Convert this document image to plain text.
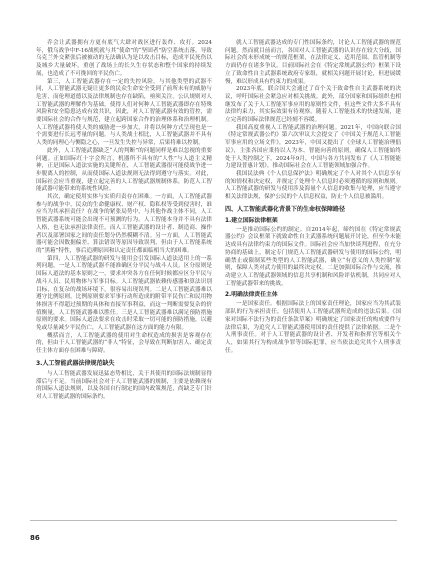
乔会让武器拥有方更有底气大肆对战区进行轰炸、攻打。2024年，俄乌战争中F-16战机就与其“使命”的“坚固者”防空系统击落，导致乌克兰外交紧张后被被动的无法确认为是以攻击目标，造成平民死伤以及城乡大量破坏，重创了战场上的长久生存状态和整个国家的持续发展，也造成了不可挽回的平民伤亡。

第三，人工智能武器存在一定的失控风险。与其他类型的武器不同，人工智能武器无疑让更多的民众生命安全受到了前所未有的威胁与危害，而伦理道德以及法律规制也存在缺陷，亟须关注。公认规则对人工智能武器的理解作为基础，使得人们对何种人工智能武器即存在特殊风险和安全隐患达成有效共识，因此，对人工智能武器有效的管控，需要国际社会的合作与规范，建立起跨国家合作的治理体系和治理机制。人工智能武器将使人类的威胁进一步加大，并将以何种方式呈现也是一个需要进行长远考量的问题。与人类战士相比，人工智能武器并不具有人类的同理心与恻隐之心，一旦发生失控与异常，后果将难以控制。

此外，人工智能武器缺乏“人的判断”的问题同样是难以忽视的重要问题。正如国际红十字会所言，机器所不具有的“人性”与人道主义精神，正是国际人道法实施的关键所在，人工智能武器很可能使战争进一步脱离人的控制，从而使国际人道法规则无法得到遵守与落实。对此，国际社会应当重视，建立起完善的人工智能武器规制体系，防范人工智能武器可能带来的系统性风险。

其次，确定使用实体与实质归责存在困难。一方面，人工智能武器参与的战争中，民众的生命健康权、财产权、隐私权等受到侵害时，谁应当为其承担责任？在战争的紧张局势中，与其他作战主体不同，人工智能武器系统可能会出现不可预测的行为。人工智能本身并不具有法律人格，也无法承担法律责任，而人工智能武器的设计者、制造商、操作者以及部署国家之间的责任划分仍然模糊不清。另一方面，人工智能武器可能会因数据偏差、算法错误等原因导致误判，但由于人工智能系统的“黑箱”特性，事后追溯原因和认定责任都面临相当大的困难。

第四，人工智能武器的研发与使用会引发国际人道法适用上的一系列问题。一是人工智能武器不能准确区分平民与战斗人员。区分原则是国际人道法的基本原则之一，要求冲突各方在任何时候都应区分平民与战斗人员、民用物体与军事目标。人工智能武器依赖传感器和算法识别目标，在复杂的战场环境下，很容易出现误判。二是人工智能武器难以遵守比例原则。比例原则要求军事行动所造成的附带平民伤亡和民用物体损害不得超过预期的具体和直接军事利益，而这一判断需要复杂的价值衡量，人工智能武器难以胜任。三是人工智能武器难以满足预防措施原则的要求。国际人道法要求在攻击时采取一切可能的预防措施，以避免或尽量减少平民伤亡，人工智能武器在这方面的能力有限。

概括而言，人工智能武器的使用对生命权造成的损害是客观存在的，但由于人工智能武器的“非人”特征，会导致在判断加害人、确定责任主体方面存在困难与障碍。

3.人工智能武器法律规范缺失

与人工智能武器发展迅猛态势相比，关于其使用的国际法规制显得滞后与不足。当前国际社会对于人工智能武器的规制，主要是依赖现有的国际人道法规则，以及各国自行制定的国内政策规范，尚缺乏专门针对人工智能武器的国际条约。

就人工智能武器达成的专门性国际条约，讨论人工智能武器的规范问题。然而就目前而言，各国对人工智能武器的认识存在较大分歧，国际社会尚未形成统一的规范框架，在法律定义、适用范围、监管机制等方面仍存在诸多争议。目前国际社会在《特定常规武器公约》框架下设立了致命性自主武器系统政府专家组，就相关问题开展讨论，但进展缓慢，难以形成具有约束力的成果。

2023年底，联合国大会通过了首个关于致命性自主武器系统的决议，呼吁国际社会紧急应对相关挑战。此外，部分国家和国际组织也相继发布了关于人工智能军事应用的原则性文件，但这些文件大多不具有法律约束力，其实际效果有待观察。随着人工智能技术的快速发展，建立完善的国际法律规范已经刻不容缓。

我国高度重视人工智能武器的治理问题。2021年，中国向联合国《特定常规武器公约》第六次审议大会提交了《中国关于规范人工智能军事应用的立场文件》，2023年，中国又提出了《全球人工智能治理倡议》，主张各国应秉持以人为本、智能向善的原则，确保人工智能始终处于人类控制之下。2024年9月，中国与各方共同发布了《人工智能能力建设普惠计划》，推动国际社会在人工智能领域加强合作。

我国民法典《个人信息保护法》明确规定了个人对其个人信息享有的知情权和决定权，并规定了处理个人信息时必须遵循的原则和规则。人工智能武器的研发与使用涉及海量个人信息的收集与处理，应当遵守相关法律法规，保护公民的个人信息权益，防止个人信息被滥用。

四、人工智能武器化背景下的生命权保障路径
1.建立国际法律框架

一是推动国际公约的制定。自2014年起，缔约国在《特定常规武器公约》会议框架下就致命性自主武器系统问题展开讨论，但至今未能达成具有法律约束力的国际文件。国际社会应当加快谈判进程，在充分协商的基础上，制定专门规范人工智能武器研发与使用的国际公约，明确禁止或限制某些类型的人工智能武器，确立“有意义的人类控制”原则，保障人类对武力使用的最终决定权。二是加强国际合作与交流，推动建立人工智能武器领域的信息共享机制和风险评估机制，共同应对人工智能武器带来的挑战。

2.明确法律责任主体

一是国家责任。根据国际法上的国家责任理论，国家应当为其武装部队的行为承担责任，包括使用人工智能武器所造成的违法后果。《国家对国际不法行为的责任条款草案》明确规定了国家责任的构成要件与法律后果，为追究人工智能武器使用国的责任提供了法律依据。二是个人刑事责任。对于人工智能武器的设计者、开发者和指挥官等相关个人，如果其行为构成战争罪等国际犯罪，应当依法追究其个人刑事责任。

86
